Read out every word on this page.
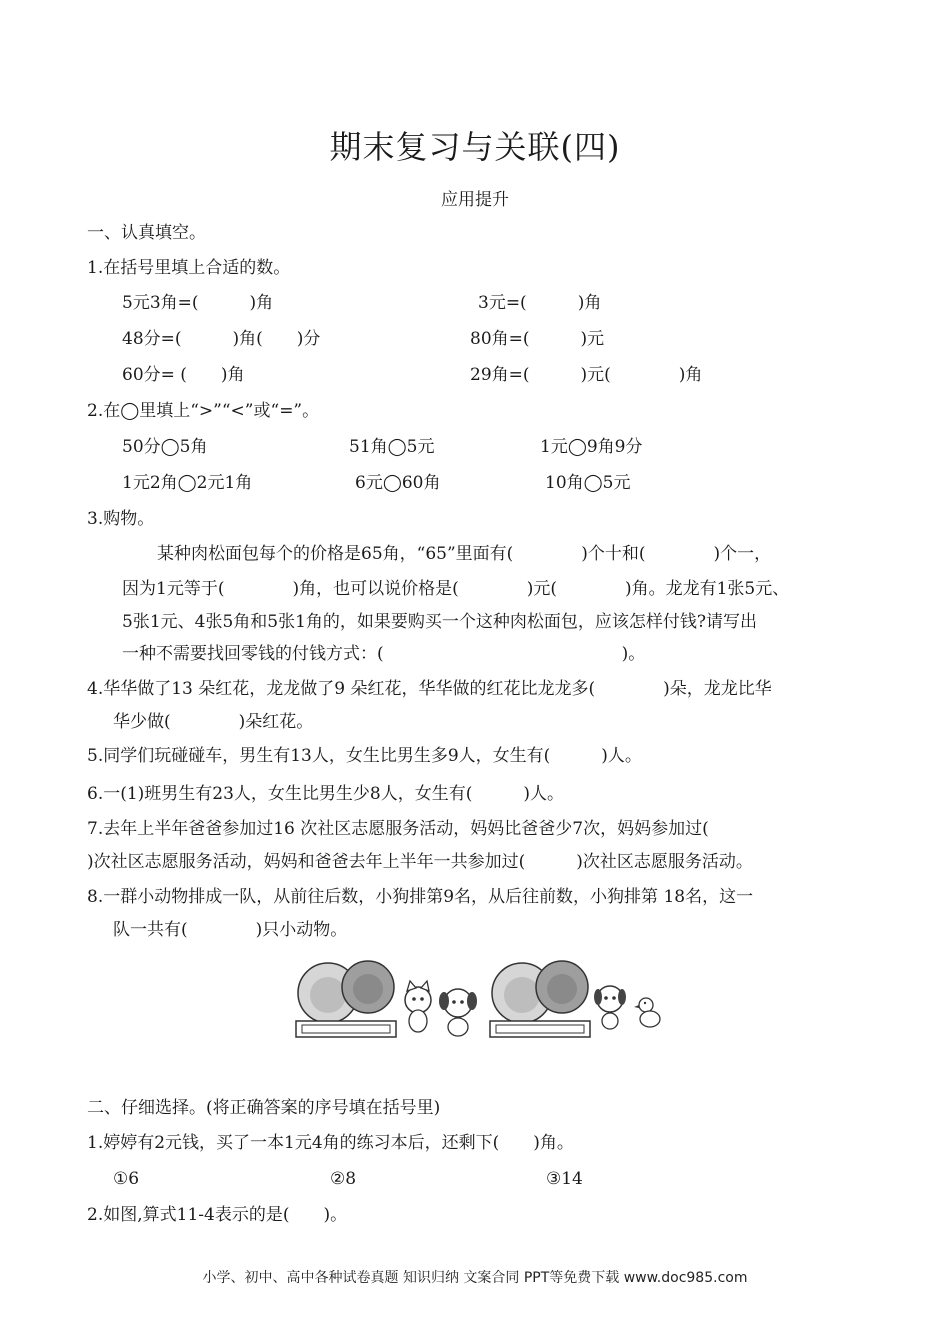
期末复习与关联(四)
应用提升
一、认真填空。
1.在括号里填上合适的数。
5元3角=(　　　)角	3元=(　　　)角
48分=(　　　)角(　　)分	80角=(　　　)元
60分= (　　)角	29角=(　　　)元(　　　　)角
2.在◯里填上“>”“<”或“=”。
50分◯5角	51角◯5元	1元◯9角9分
1元2角◯2元1角	6元◯60角	10角◯5元
3.购物。
某种肉松面包每个的价格是65角，“65”里面有(　　　　)个十和(　　　　)个一，
因为1元等于(　　　　)角，也可以说价格是(　　　　)元(　　　　)角。龙龙有1张5元、
5张1元、4张5角和5张1角的，如果要购买一个这种肉松面包，应该怎样付钱?请写出
一种不需要找回零钱的付钱方式：(　　　　　　　　　　　　　　)。
4.华华做了13 朵红花，龙龙做了9 朵红花，华华做的红花比龙龙多(　　　　)朵，龙龙比华
华少做(　　　　)朵红花。
5.同学们玩碰碰车，男生有13人，女生比男生多9人，女生有(　　　)人。
6.一(1)班男生有23人，女生比男生少8人，女生有(　　　)人。
7.去年上半年爸爸参加过16 次社区志愿服务活动，妈妈比爸爸少7次，妈妈参加过(
)次社区志愿服务活动，妈妈和爸爸去年上半年一共参加过(　　　)次社区志愿服务活动。
8.一群小动物排成一队，从前往后数，小狗排第9名，从后往前数，小狗排第 18名，这一
队一共有(　　　　)只小动物。
二、仔细选择。(将正确答案的序号填在括号里)
1.婷婷有2元钱，买了一本1元4角的练习本后，还剩下(　　)角。
①6	②8	③14
2.如图,算式11-4表示的是(　　)。
小学、初中、高中各种试卷真题 知识归纳 文案合同 PPT等免费下载 www.doc985.com
